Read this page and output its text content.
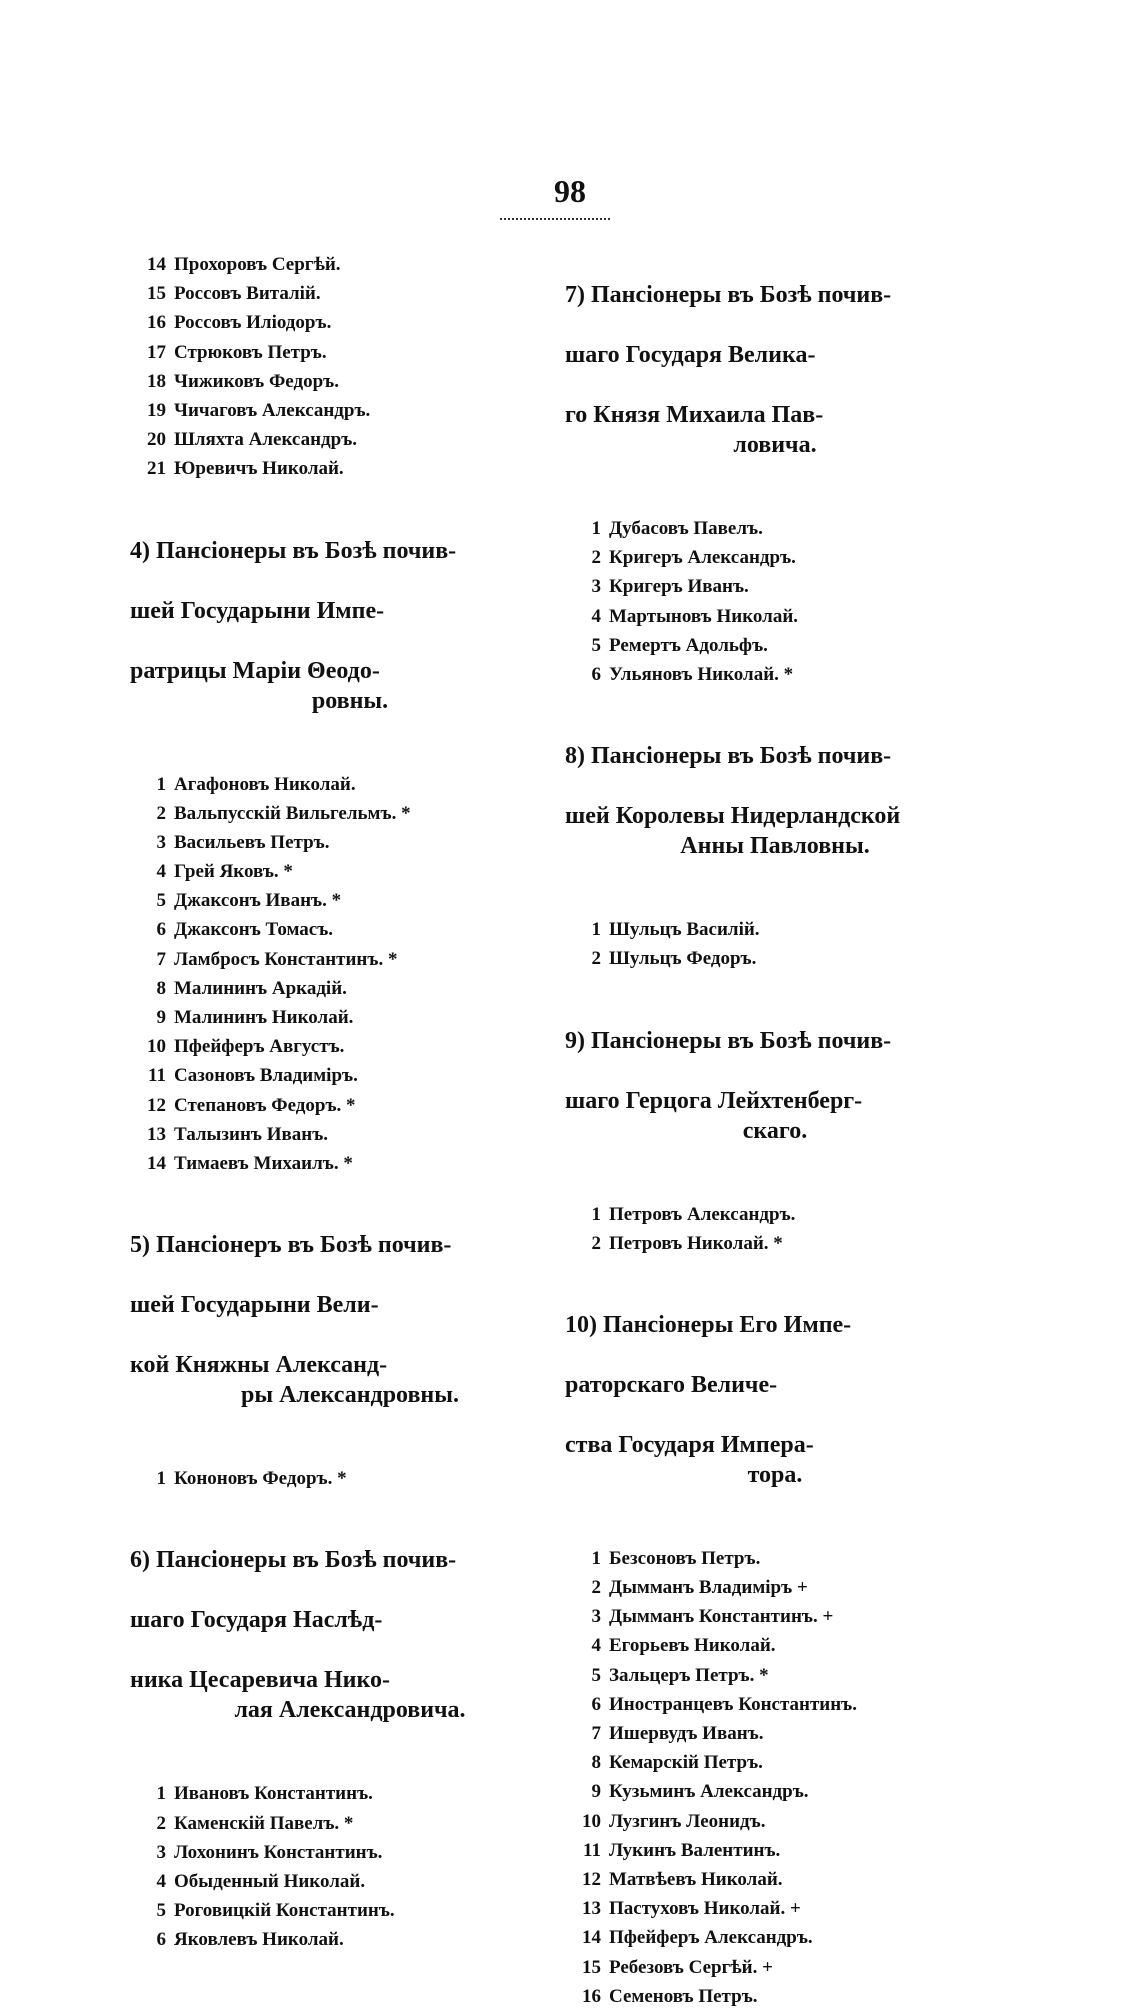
98
14 Прохоровъ Сергѣй.
15 Россовъ Виталій.
16 Россовъ Иліодоръ.
17 Стрюковъ Петръ.
18 Чижиковъ Федоръ.
19 Чичаговъ Александръ.
20 Шляхта Александръ.
21 Юревичъ Николай.

4) Пансіонеры въ Бозѣ почив-

шей Государыни Импе-

ратрицы Маріи Θеодо-

ровны.

1 Агафоновъ Николай.
2 Вальпусскій Вильгельмъ. *
3 Васильевъ Петръ.
4 Грей Яковъ. *
5 Джаксонъ Иванъ. *
6 Джаксонъ Томасъ.
7 Ламбросъ Константинъ. *
8 Малининъ Аркадій.
9 Малининъ Николай.
10 Пфейферъ Августъ.
11 Сазоновъ Владиміръ.
12 Степановъ Федоръ. *
13 Талызинъ Иванъ.
14 Тимаевъ Михаилъ. *

5) Пансіонеръ въ Бозѣ почив-

шей Государыни Вели-

кой Княжны Александ-

ры Александровны.

1 Кононовъ Федоръ. *

6) Пансіонеры въ Бозѣ почив-

шаго Государя Наслѣд-

ника Цесаревича Нико-

лая Александровича.

1 Ивановъ Константинъ.
2 Каменскій Павелъ. *
3 Лохонинъ Константинъ.
4 Обыденный Николай.
5 Роговицкій Константинъ.
6 Яковлевъ Николай.

7) Пансіонеры въ Бозѣ почив-

шаго Государя Велика-

го Князя Михаила Пав-

ловича.

1 Дубасовъ Павелъ.
2 Кригеръ Александръ.
3 Кригеръ Иванъ.
4 Мартыновъ Николай.
5 Ремертъ Адольфъ.
6 Ульяновъ Николай. *

8) Пансіонеры въ Бозѣ почив-

шей Королевы Нидерландской

Анны Павловны.

1 Шульцъ Василій.
2 Шульцъ Федоръ.

9) Пансіонеры въ Бозѣ почив-

шаго Герцога Лейхтенберг-

скаго.

1 Петровъ Александръ.
2 Петровъ Николай. *

10) Пансіонеры Его Импе-

раторскаго Величе-

ства Государя Импера-

тора.

1 Безсоновъ Петръ.
2 Дымманъ Владиміръ +
3 Дымманъ Константинъ. +
4 Егорьевъ Николай.
5 Зальцеръ Петръ. *
6 Иностранцевъ Константинъ.
7 Ишервудъ Иванъ.
8 Кемарскій Петръ.
9 Кузьминъ Александръ.
10 Лузгинъ Леонидъ.
11 Лукинъ Валентинъ.
12 Матвѣевъ Николай.
13 Пастуховъ Николай. +
14 Пфейферъ Александръ.
15 Ребезовъ Сергѣй. +
16 Семеновъ Петръ.
